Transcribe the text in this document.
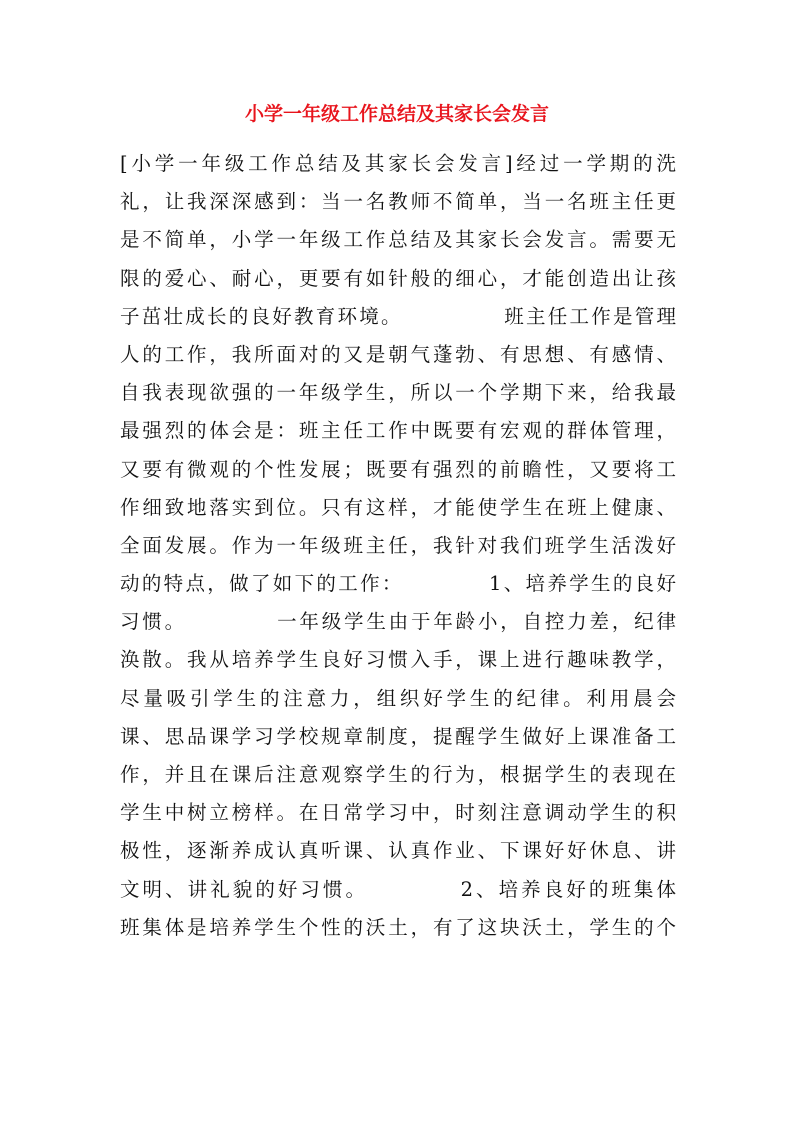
小学一年级工作总结及其家长会发言
[小学一年级工作总结及其家长会发言]经过一学期的洗
礼，让我深深感到：当一名教师不简单，当一名班主任更
是不简单，小学一年级工作总结及其家长会发言。需要无
限的爱心、耐心，更要有如针般的细心，才能创造出让孩
子茁壮成长的良好教育环境。            班主任工作是管理
人的工作，我所面对的又是朝气蓬勃、有思想、有感情、
自我表现欲强的一年级学生，所以一个学期下来，给我最
最强烈的体会是：班主任工作中既要有宏观的群体管理，
又要有微观的个性发展；既要有强烈的前瞻性，又要将工
作细致地落实到位。只有这样，才能使学生在班上健康、
全面发展。作为一年级班主任，我针对我们班学生活泼好
动的特点，做了如下的工作：          1、培养学生的良好
习惯。          一年级学生由于年龄小，自控力差，纪律
涣散。我从培养学生良好习惯入手，课上进行趣味教学，
尽量吸引学生的注意力，组织好学生的纪律。利用晨会
课、思品课学习学校规章制度，提醒学生做好上课准备工
作，并且在课后注意观察学生的行为，根据学生的表现在
学生中树立榜样。在日常学习中，时刻注意调动学生的积
极性，逐渐养成认真听课、认真作业、下课好好休息、讲
文明、讲礼貌的好习惯。          2、培养良好的班集体
班集体是培养学生个性的沃土，有了这块沃土，学生的个
